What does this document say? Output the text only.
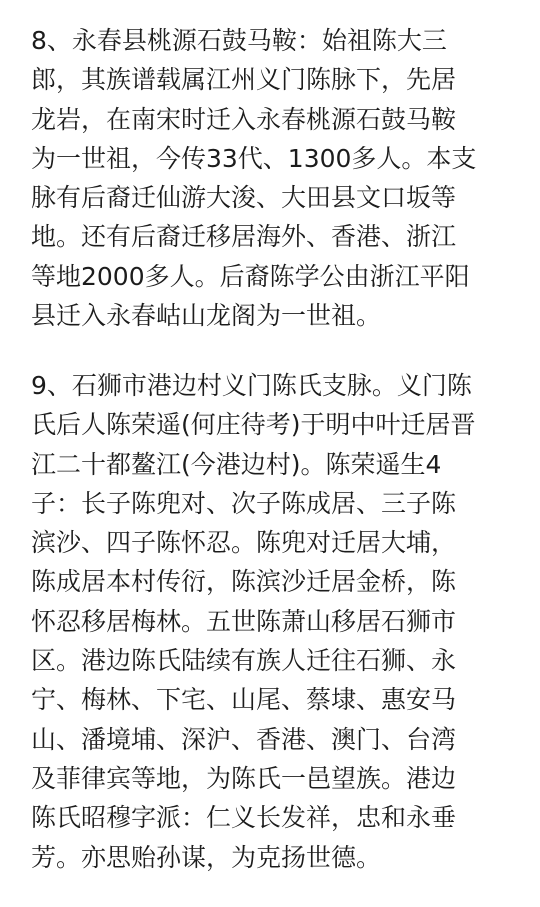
8、永春县桃源石鼓马鞍：始祖陈大三
郎，其族谱载属江州义门陈脉下，先居
龙岩，在南宋时迁入永春桃源石鼓马鞍
为一世祖，今传33代、1300多人。本支
脉有后裔迁仙游大浚、大田县文口坂等
地。还有后裔迁移居海外、香港、浙江
等地2000多人。后裔陈学公由浙江平阳
县迁入永春岵山龙阁为一世祖。

9、石狮市港边村义门陈氏支脉。义门陈
氏后人陈荣遥(何庄待考)于明中叶迁居晋
江二十都鳌江(今港边村)。陈荣遥生4
子：长子陈兜对、次子陈成居、三子陈
滨沙、四子陈怀忍。陈兜对迁居大埔，
陈成居本村传衍，陈滨沙迁居金桥，陈
怀忍移居梅林。五世陈萧山移居石狮市
区。港边陈氏陆续有族人迁往石狮、永
宁、梅林、下宅、山尾、蔡埭、惠安马
山、潘境埔、深沪、香港、澳门、台湾
及菲律宾等地，为陈氏一邑望族。港边
陈氏昭穆字派：仁义长发祥，忠和永垂
芳。亦思贻孙谋，为克扬世德。
